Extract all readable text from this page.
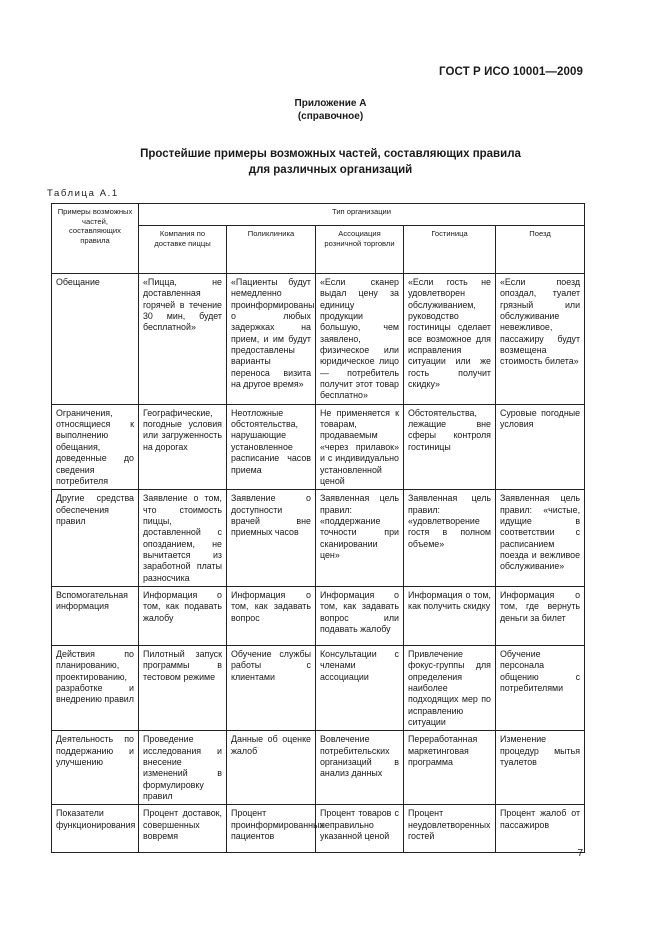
ГОСТ Р ИСО 10001—2009
Приложение А
(справочное)
Простейшие примеры возможных частей, составляющих правила
для различных организаций
Таблица А.1
Примеры возможных частей, составляющих правила	Тип организации				
	Компания по доставке пиццы	Поликлиника	Ассоциация розничной торговли	Гостиница	Поезд
Обещание	«Пицца, не доставленная горячей в течение 30 мин, будет бесплатной»	«Пациенты будут немедленно проинформированы о любых задержках на прием, и им будут предоставлены варианты переноса визита на другое время»	«Если сканер выдал цену за единицу продукции большую, чем заявлено, физическое или юридическое лицо — потребитель получит этот товар бесплатно»	«Если гость не удовлетворен обслуживанием, руководство гостиницы сделает все возможное для исправления ситуации или же гость получит скидку»	«Если поезд опоздал, туалет грязный или обслуживание невежливое, пассажиру будут возмещена стоимость билета»
Ограничения, относящиеся к выполнению обещания, доведенные до сведения потребителя	Географические, погодные условия или загруженность на дорогах	Неотложные обстоятельства, нарушающие установленное расписание часов приема	Не применяется к товарам, продаваемым «через прилавок» и с индивидуально установленной ценой	Обстоятельства, лежащие вне сферы контроля гостиницы	Суровые погодные условия
Другие средства обеспечения правил	Заявление о том, что стоимость пиццы, доставленной с опозданием, не вычитается из заработной платы разносчика	Заявление о доступности врачей вне приемных часов	Заявленная цель правил: «поддержание точности при сканировании цен»	Заявленная цель правил: «удовлетворение гостя в полном объеме»	Заявленная цель правил: «чистые, идущие в соответствии с расписанием поезда и вежливое обслуживание»
Вспомогательная информация	Информация о том, как подавать жалобу	Информация о том, как задавать вопрос	Информация о том, как задавать вопрос или подавать жалобу	Информация о том, как получить скидку	Информация о том, где вернуть деньги за билет
Действия по планированию, проектированию, разработке и внедрению правил	Пилотный запуск программы в тестовом режиме	Обучение службы работы с клиентами	Консультации с членами ассоциации	Привлечение фокус-группы для определения наиболее подходящих мер по исправлению ситуации	Обучение персонала общению с потребителями
Деятельность по поддержанию и улучшению	Проведение исследования и внесение изменений в формулировку правил	Данные об оценке жалоб	Вовлечение потребительских организаций в анализ данных	Переработанная маркетинговая программа	Изменение процедур мытья туалетов
Показатели функционирования	Процент доставок, совершенных вовремя	Процент проинформированных пациентов	Процент товаров с неправильно указанной ценой	Процент неудовлетворенных гостей	Процент жалоб от пассажиров
7
